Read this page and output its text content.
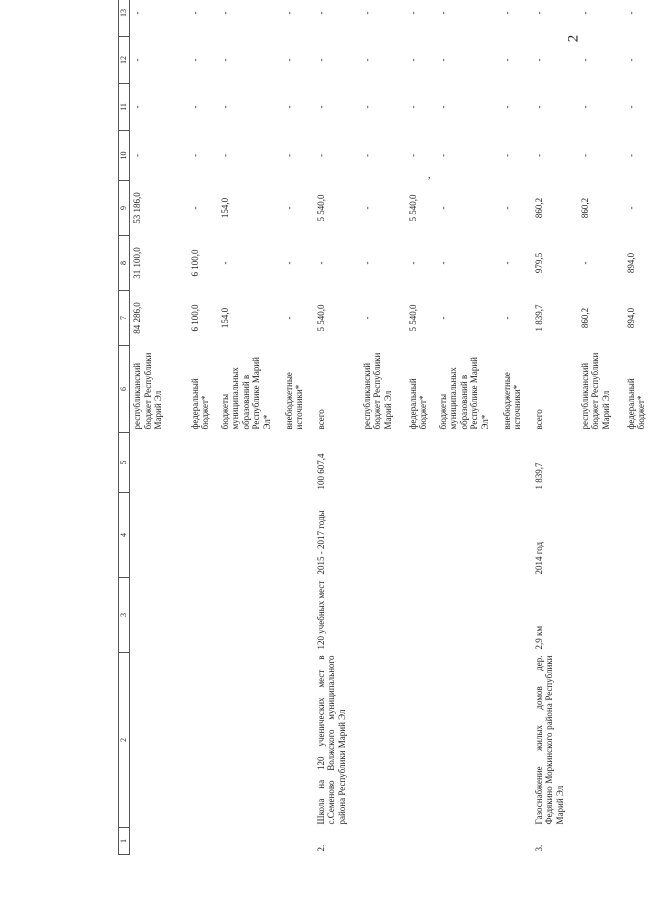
2
,
1	2	3	4	5	6	7	8	9	10	11	12	13		
					республиканский бюджет Республики Марий Эл	84 286,0	31 100,0	53 186,0	-	-	-	-		
					федеральный бюджет*	6 100,0	6 100,0	-	-	-	-	-		
					бюджеты муниципальных образований в Республике Марий Эл*	154,0	-	154,0	-	-	-	-		
					внебюджетные источники*	-	-	-	-	-	-	-		
2.	Школа на 120 ученических мест в с.Семеново Волжского муниципального района Республики Марий Эл	120 учебных мест	2015 - 2017 годы	100 607,4	всего	5 540,0	-	5 540,0	-	-	-	-		
					республиканский бюджет Республики Марий Эл	-	-	-	-	-	-	-		
					федеральный бюджет*	5 540,0	-	5 540,0	-	-	-	-		
					бюджеты муниципальных образований в Республике Марий Эл*	-	-	-	-	-	-	-		
					внебюджетные источники*	-	-	-	-	-	-	-		
3.	Газоснабжение жилых домов дер. Федякино Моркинского района Республики Марий Эл	2,9 км	2014 год	1 839,7	всего	1 839,7	979,5	860,2	-	-	-	-		
					республиканский бюджет Республики Марий Эл	860,2	-	860,2	-	-	-	-		
					федеральный бюджет*	894,0	894,0	-	-	-	-	-		
